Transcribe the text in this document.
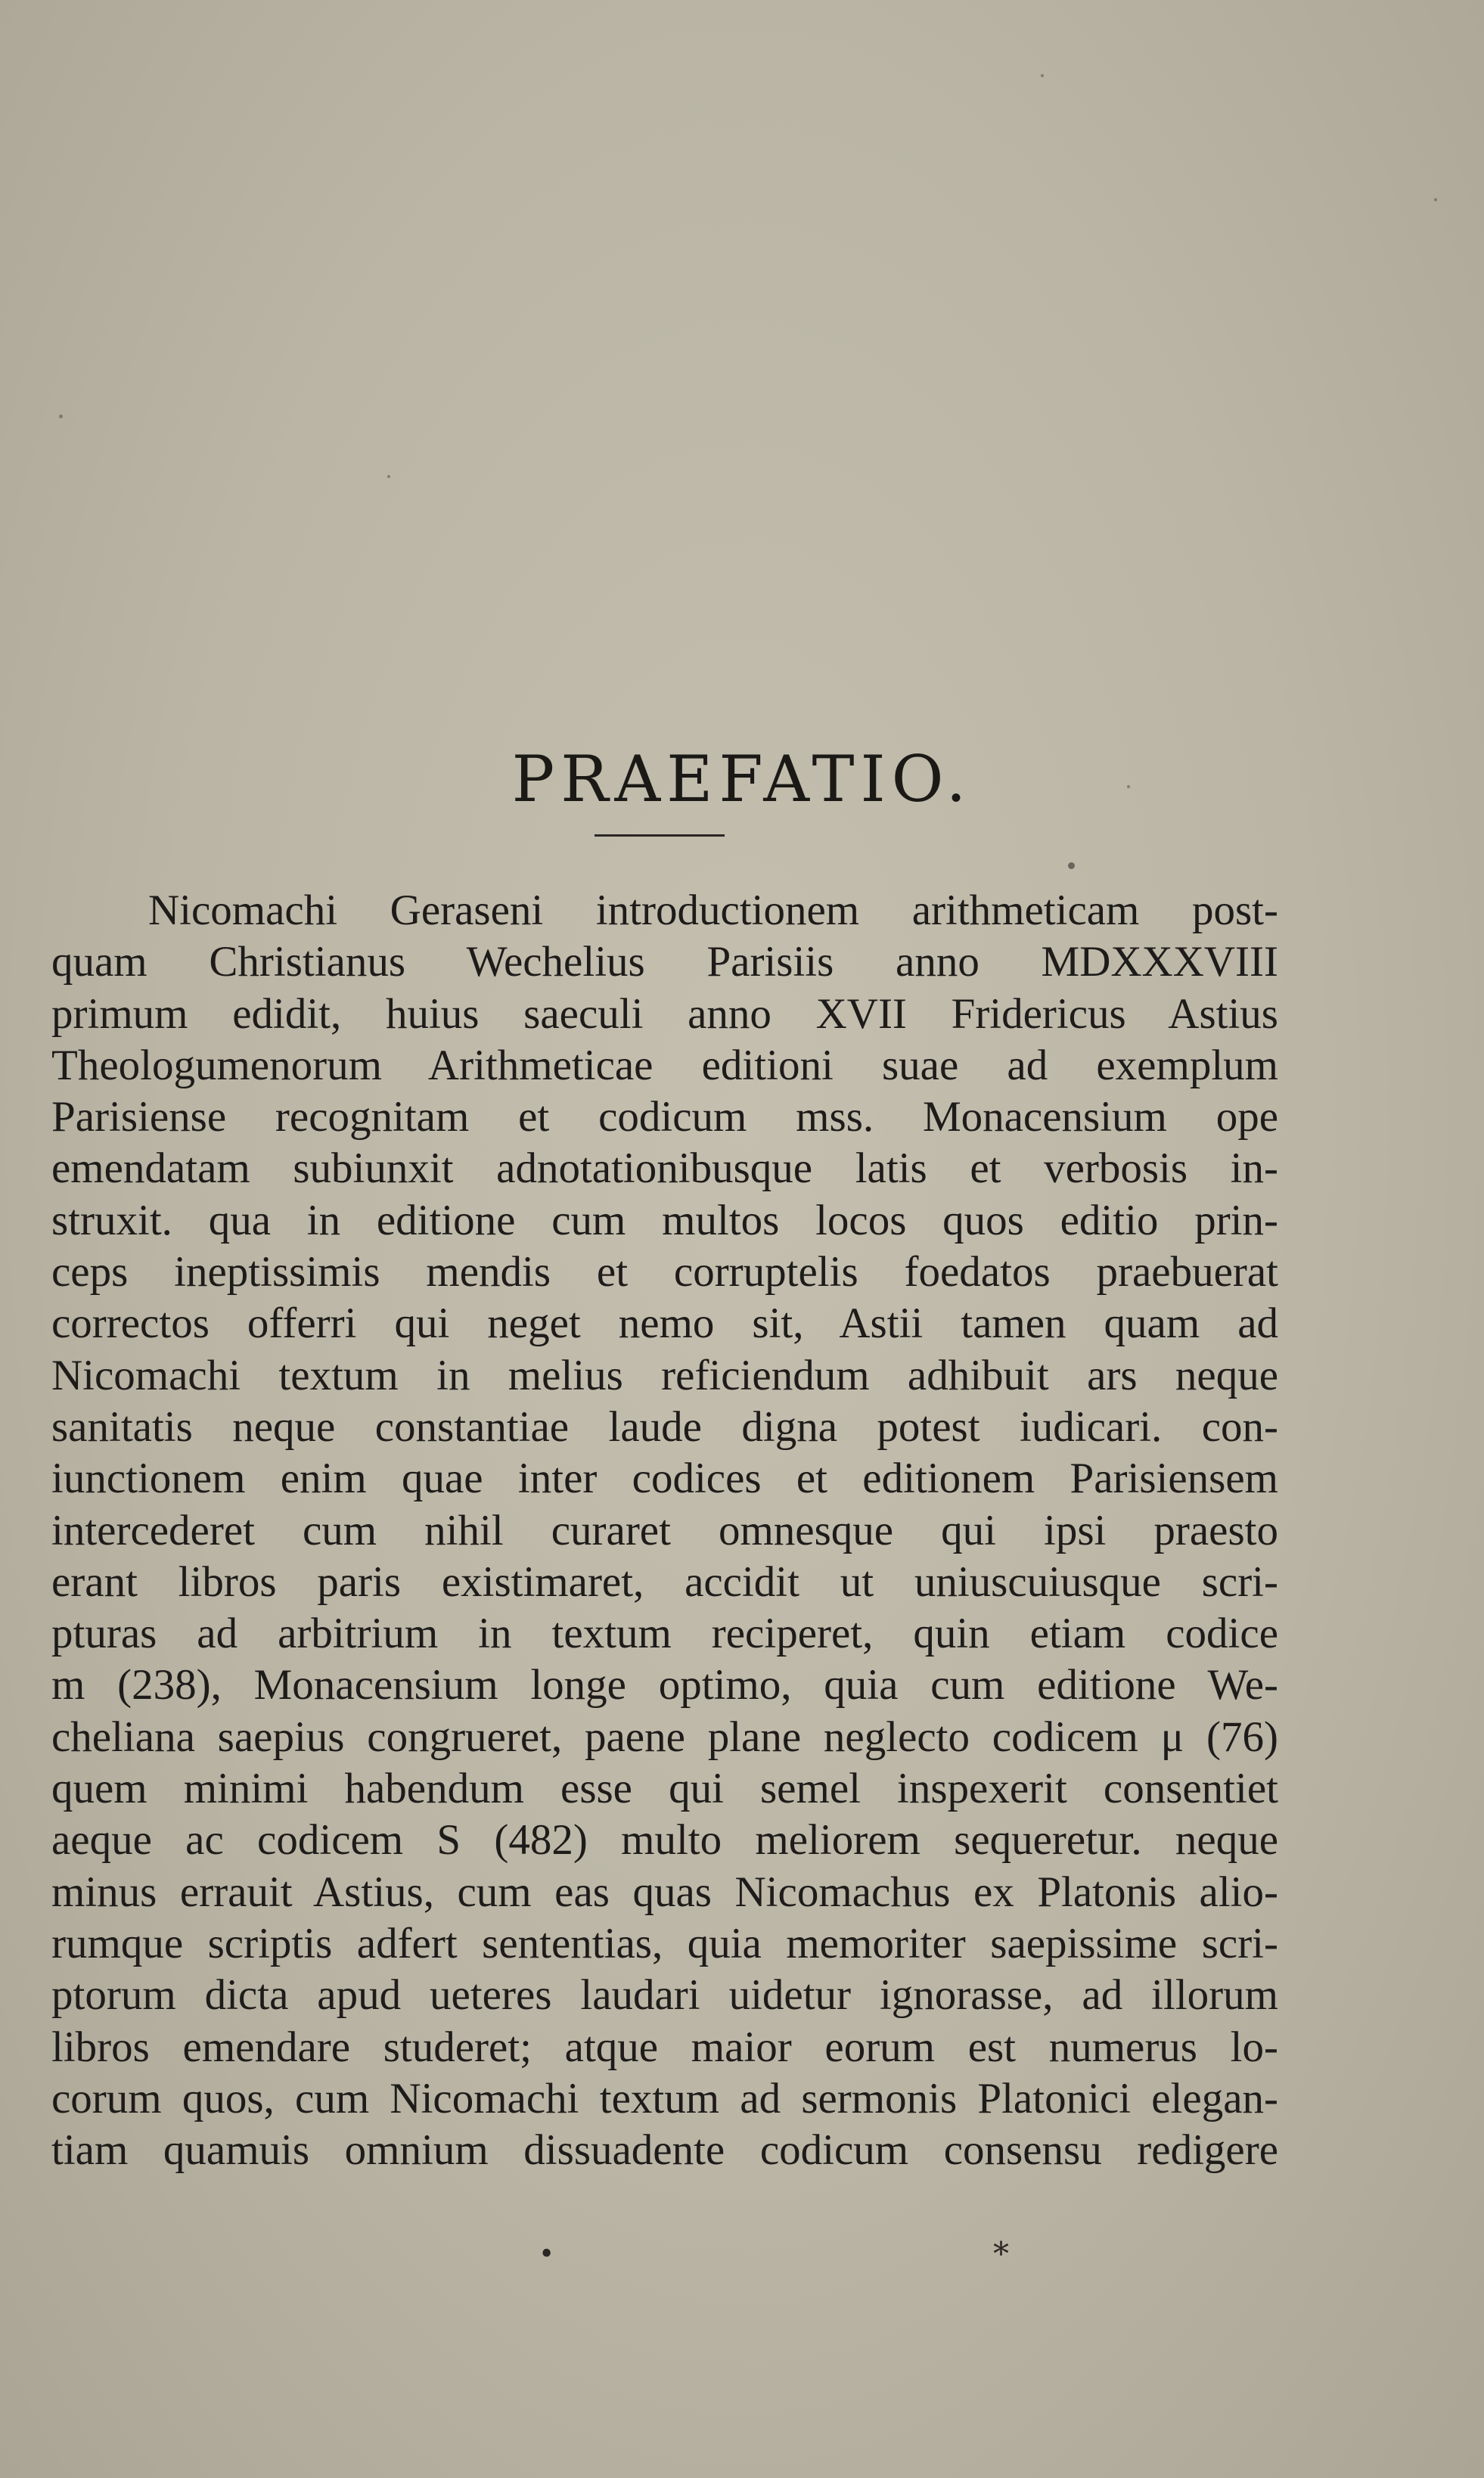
PRAEFATIO.
Nicomachi Geraseni introductionem arithmeticam post-
quam Christianus Wechelius Parisiis anno MDXXXVIII
primum edidit, huius saeculi anno XVII Fridericus Astius
Theologumenorum Arithmeticae editioni suae ad exemplum
Parisiense recognitam et codicum mss. Monacensium ope
emendatam subiunxit adnotationibusque latis et verbosis in-
struxit. qua in editione cum multos locos quos editio prin-
ceps ineptissimis mendis et corruptelis foedatos praebuerat
correctos offerri qui neget nemo sit, Astii tamen quam ad
Nicomachi textum in melius reficiendum adhibuit ars neque
sanitatis neque constantiae laude digna potest iudicari. con-
iunctionem enim quae inter codices et editionem Parisiensem
intercederet cum nihil curaret omnesque qui ipsi praesto
erant libros paris existimaret, accidit ut uniuscuiusque scri-
pturas ad arbitrium in textum reciperet, quin etiam codice
m (238), Monacensium longe optimo, quia cum editione We-
cheliana saepius congrueret, paene plane neglecto codicem μ (76)
quem minimi habendum esse qui semel inspexerit consentiet
aeque ac codicem S (482) multo meliorem sequeretur. neque
minus errauit Astius, cum eas quas Nicomachus ex Platonis alio-
rumque scriptis adfert sententias, quia memoriter saepissime scri-
ptorum dicta apud ueteres laudari uidetur ignorasse, ad illorum
libros emendare studeret; atque maior eorum est numerus lo-
corum quos, cum Nicomachi textum ad sermonis Platonici elegan-
tiam quamuis omnium dissuadente codicum consensu redigere
•	*
